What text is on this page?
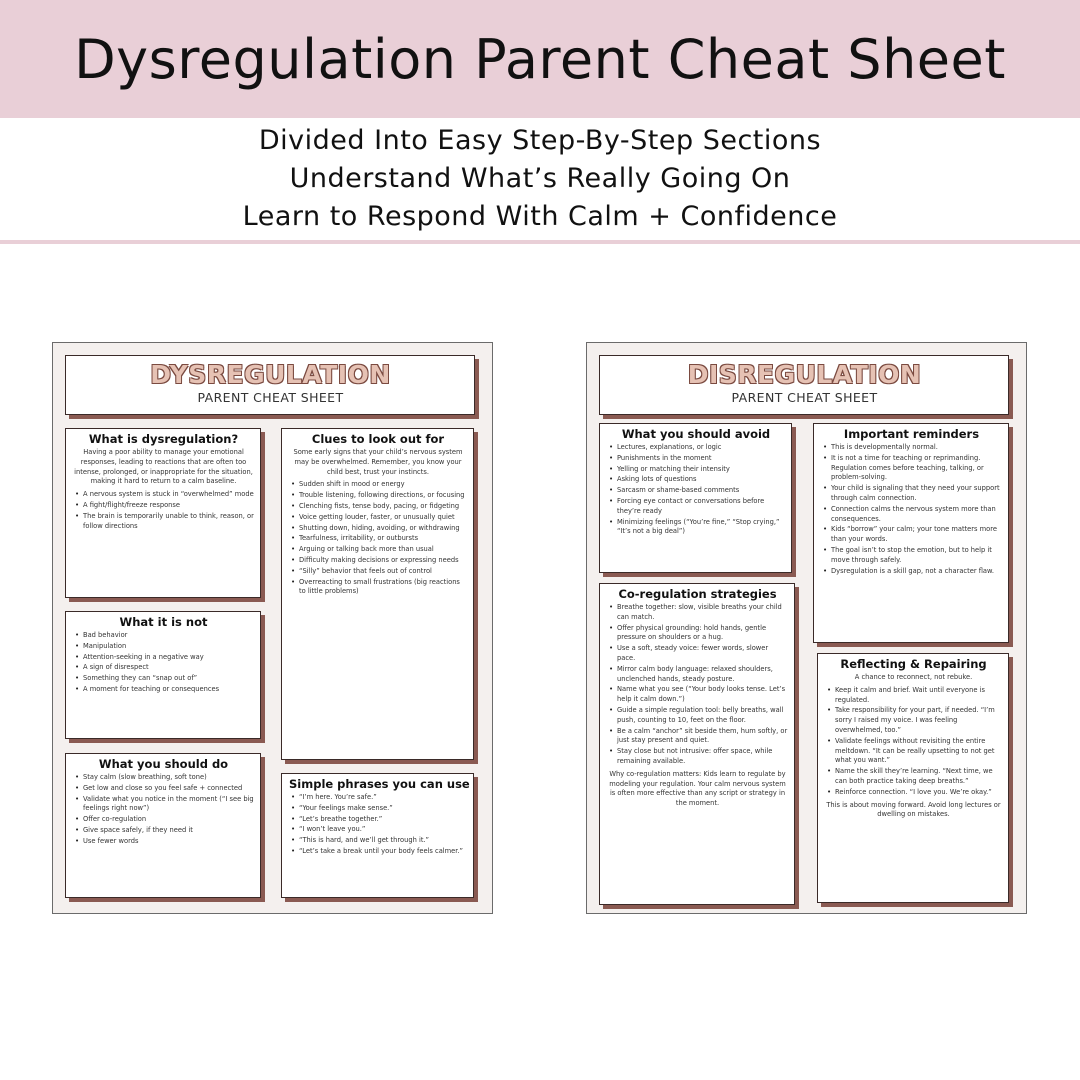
Dysregulation Parent Cheat Sheet
Divided Into Easy Step-By-Step Sections
Understand What’s Really Going On
Learn to Respond With Calm + Confidence
DYSREGULATION
PARENT CHEAT SHEET
What is dysregulation?
Having a poor ability to manage your emotional responses, leading to reactions that are often too intense, prolonged, or inappropriate for the situation, making it hard to return to a calm baseline.
• A nervous system is stuck in “overwhelmed” mode
• A fight/flight/freeze response
• The brain is temporarily unable to think, reason, or follow directions
What it is not
• Bad behavior
• Manipulation
• Attention-seeking in a negative way
• A sign of disrespect
• Something they can “snap out of”
• A moment for teaching or consequences
What you should do
• Stay calm (slow breathing, soft tone)
• Get low and close so you feel safe + connected
• Validate what you notice in the moment (“I see big feelings right now”)
• Offer co-regulation
• Give space safely, if they need it
• Use fewer words
Clues to look out for
Some early signs that your child’s nervous system may be overwhelmed. Remember, you know your child best, trust your instincts.
• Sudden shift in mood or energy
• Trouble listening, following directions, or focusing
• Clenching fists, tense body, pacing, or fidgeting
• Voice getting louder, faster, or unusually quiet
• Shutting down, hiding, avoiding, or withdrawing
• Tearfulness, irritability, or outbursts
• Arguing or talking back more than usual
• Difficulty making decisions or expressing needs
• “Silly” behavior that feels out of control
• Overreacting to small frustrations (big reactions to little problems)
Simple phrases you can use
• “I’m here. You’re safe.”
• “Your feelings make sense.”
• “Let’s breathe together.”
• “I won’t leave you.”
• “This is hard, and we’ll get through it.”
• “Let’s take a break until your body feels calmer.”
DISREGULATION
PARENT CHEAT SHEET
What you should avoid
• Lectures, explanations, or logic
• Punishments in the moment
• Yelling or matching their intensity
• Asking lots of questions
• Sarcasm or shame-based comments
• Forcing eye contact or conversations before they’re ready
• Minimizing feelings (“You’re fine,” “Stop crying,” “It’s not a big deal”)
Co-regulation strategies
• Breathe together: slow, visible breaths your child can match.
• Offer physical grounding: hold hands, gentle pressure on shoulders or a hug.
• Use a soft, steady voice: fewer words, slower pace.
• Mirror calm body language: relaxed shoulders, unclenched hands, steady posture.
• Name what you see (“Your body looks tense. Let’s help it calm down.”)
• Guide a simple regulation tool: belly breaths, wall push, counting to 10, feet on the floor.
• Be a calm “anchor” sit beside them, hum softly, or just stay present and quiet.
• Stay close but not intrusive: offer space, while remaining available.
Why co-regulation matters: Kids learn to regulate by modeling your regulation. Your calm nervous system is often more effective than any script or strategy in the moment.
Important reminders
• This is developmentally normal.
• It is not a time for teaching or reprimanding. Regulation comes before teaching, talking, or problem-solving.
• Your child is signaling that they need your support through calm connection.
• Connection calms the nervous system more than consequences.
• Kids “borrow” your calm; your tone matters more than your words.
• The goal isn’t to stop the emotion, but to help it move through safely.
• Dysregulation is a skill gap, not a character flaw.
Reflecting & Repairing
A chance to reconnect, not rebuke.
• Keep it calm and brief. Wait until everyone is regulated.
• Take responsibility for your part, if needed. “I’m sorry I raised my voice. I was feeling overwhelmed, too.”
• Validate feelings without revisiting the entire meltdown. “It can be really upsetting to not get what you want.”
• Name the skill they’re learning. “Next time, we can both practice taking deep breaths.”
• Reinforce connection. “I love you. We’re okay.”
This is about moving forward. Avoid long lectures or dwelling on mistakes.
